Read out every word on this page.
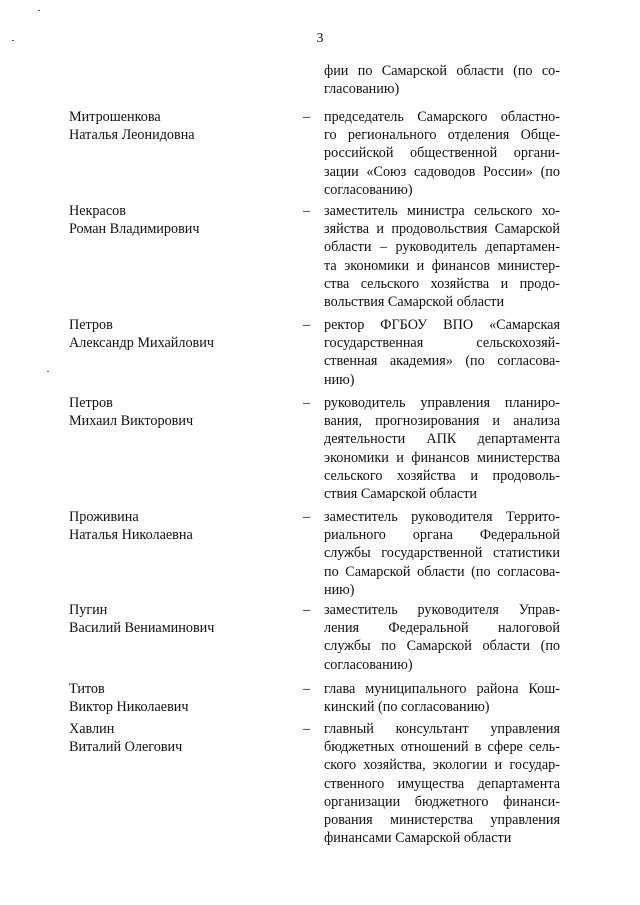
3
фии по Самарской области (по со-
гласованию)
Митрошенкова
Наталья Леонидовна
– председатель Самарского областно-
го регионального отделения Обще-
российской общественной органи-
зации «Союз садоводов России» (по
согласованию)
Некрасов
Роман Владимирович
– заместитель министра сельского хо-
зяйства и продовольствия Самарской
области – руководитель департамен-
та экономики и финансов министер-
ства сельского хозяйства и продо-
вольствия Самарской области
Петров
Александр Михайлович
– ректор ФГБОУ ВПО «Самарская
государственная сельскохозяй-
ственная академия» (по согласова-
нию)
Петров
Михаил Викторович
– руководитель управления планиро-
вания, прогнозирования и анализа
деятельности АПК департамента
экономики и финансов министерства
сельского хозяйства и продоволь-
ствия Самарской области
Проживина
Наталья Николаевна
– заместитель руководителя Террито-
риального органа Федеральной
службы государственной статистики
по Самарской области (по согласова-
нию)
Пугин
Василий Вениаминович
– заместитель руководителя Управ-
ления Федеральной налоговой
службы по Самарской области (по
согласованию)
Титов
Виктор Николаевич
– глава муниципального района Кош-
кинский (по согласованию)
Хавлин
Виталий Олегович
– главный консультант управления
бюджетных отношений в сфере сель-
ского хозяйства, экологии и государ-
ственного имущества департамента
организации бюджетного финанси-
рования министерства управления
финансами Самарской области
